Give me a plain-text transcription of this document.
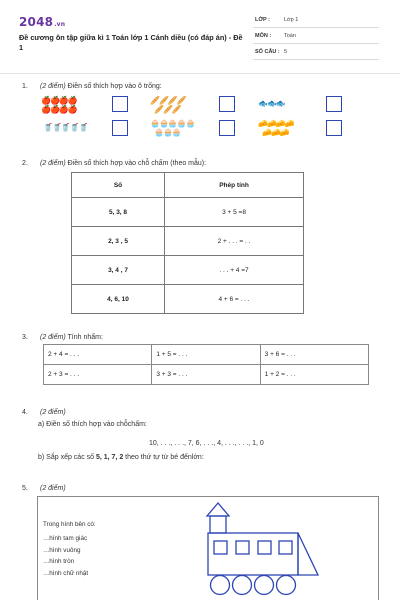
2048.vn
Đề cương ôn tập giữa kì 1 Toán lớp 1 Cánh diều (có đáp án) - Đề 1
LỚP :	Lớp 1
MÔN : Toán
SỐ CÂU : 5
1. (2 điểm) Điền số thích hợp vào ô trống:
🍎🍎🍎🍎
🍎🍎🍎🍎
🥖🥖🥖🥖
🥖🥖🥖
🐟🐟🐟
🥤🥤🥤🥤🥤	🧁🧁🧁🧁🧁
🧁🧁🧁
🧀🧀🧀🧀
🧀🧀🧀
2. (2 điểm) Điền số thích hợp vào chỗ chấm (theo mẫu):
Số	Phép tính
5, 3, 8	3 + 5 =8
2, 3 , 5	2 + . . . = . .
3, 4 , 7	. . . + 4 =7
4, 6, 10	4 + 6 = . . .
3. (2 điểm) Tính nhẩm:
2 + 4 = . . .	1 + 5 = . . .	3 + 6 = . . .
2 + 3 = . . .	3 + 3 = . . .	1 + 2 = . . .
4. (2 điểm)
a) Điền số thích hợp vào chỗchấm:
10, . . ., . . ., 7, 6, . . ., 4, . . ., . . ., 1, 0
b) Sắp xếp các số 5, 1, 7, 2 theo thứ tự từ bé đếnlớn:
5. (2 điểm)
Trong hình bên có:
…hình tam giác
…hình vuông
…hình tròn
…hình chữ nhật
